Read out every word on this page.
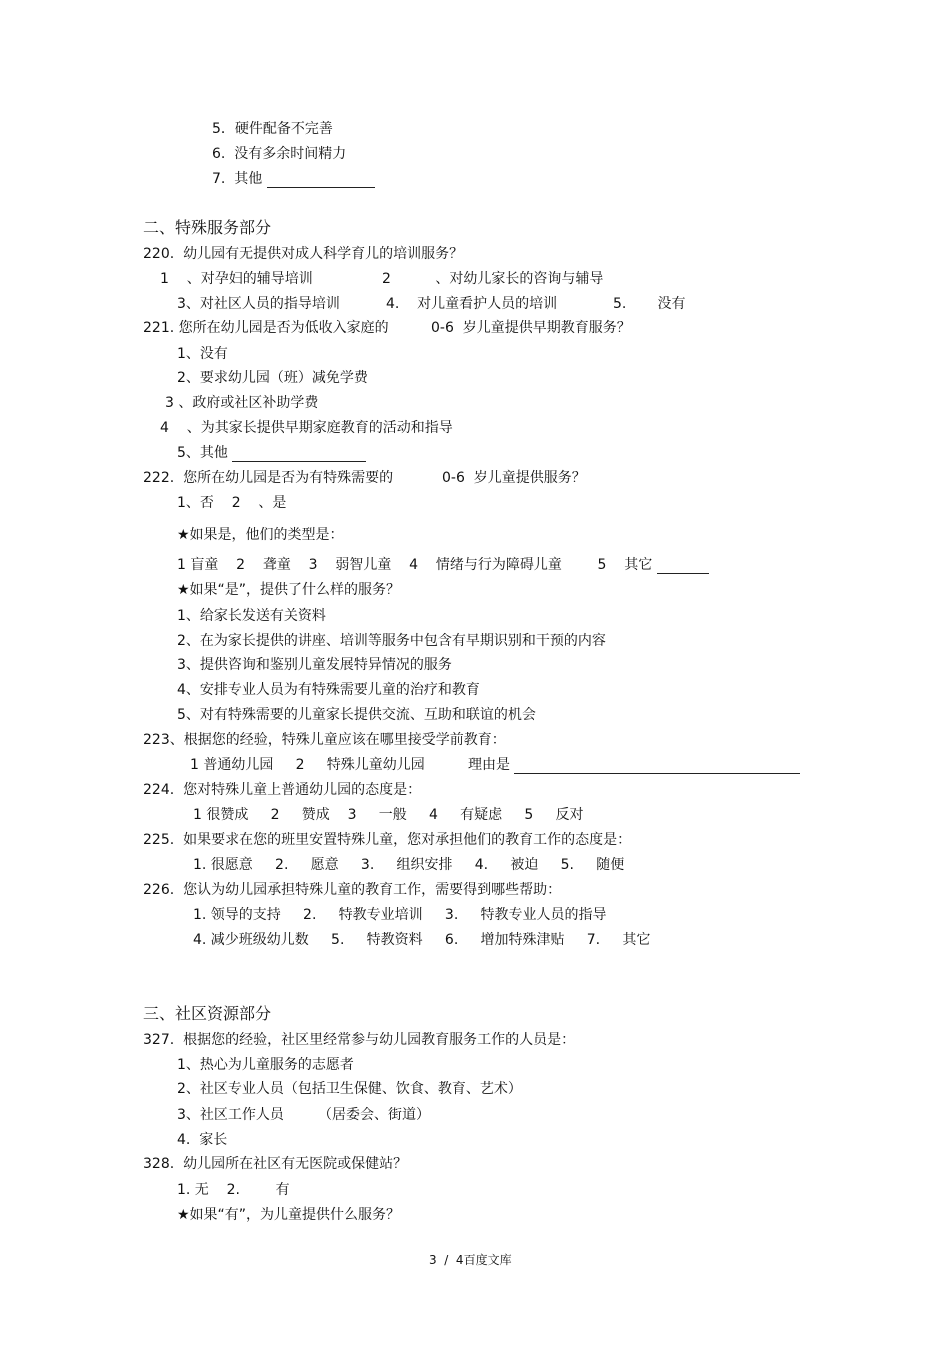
5．硬件配备不完善
6.  没有多余时间精力
7.  其他
二、特殊服务部分
220.  幼儿园有无提供对成人科学育儿的培训服务？
1    、对孕妇的辅导培训	2          、对幼儿家长的咨询与辅导
3、对社区人员的指导培训	4.    对儿童看护人员的培训	5.       没有
221. 您所在幼儿园是否为低收入家庭的	0-6  岁儿童提供早期教育服务？
1、没有
2、要求幼儿园（班）减免学费
3 、政府或社区补助学费
4    、为其家长提供早期家庭教育的活动和指导
5、其他
222.  您所在幼儿园是否为有特殊需要的	0-6  岁儿童提供服务？
1、否    2    、是
★如果是，他们的类型是：
1 盲童    2    聋童    3    弱智儿童    4    情绪与行为障碍儿童        5    其它
★如果“是”，提供了什么样的服务？
1、给家长发送有关资料
2、在为家长提供的讲座、培训等服务中包含有早期识别和干预的内容
3、提供咨询和鉴别儿童发展特异情况的服务
4、安排专业人员为有特殊需要儿童的治疗和教育
5、对有特殊需要的儿童家长提供交流、互助和联谊的机会
223、根据您的经验，特殊儿童应该在哪里接受学前教育：
1 普通幼儿园     2     特殊儿童幼儿园	理由是
224.  您对特殊儿童上普通幼儿园的态度是：
1 很赞成     2     赞成    3     一般     4     有疑虑     5     反对
225.  如果要求在您的班里安置特殊儿童，您对承担他们的教育工作的态度是：
1. 很愿意     2.     愿意     3.     组织安排     4.     被迫     5.     随便
226.  您认为幼儿园承担特殊儿童的教育工作，需要得到哪些帮助：
1. 领导的支持     2.     特教专业培训     3.     特教专业人员的指导
4. 减少班级幼儿数     5.     特教资料     6.     增加特殊津贴     7.     其它
三、社区资源部分
327.  根据您的经验，社区里经常参与幼儿园教育服务工作的人员是：
1、热心为儿童服务的志愿者
2、社区专业人员（包括卫生保健、饮食、教育、艺术）
3、社区工作人员 （居委会、街道）
4.  家长
328.  幼儿园所在社区有无医院或保健站？
1. 无    2.        有
★如果“有”，为儿童提供什么服务？
3  /  4百度文库
